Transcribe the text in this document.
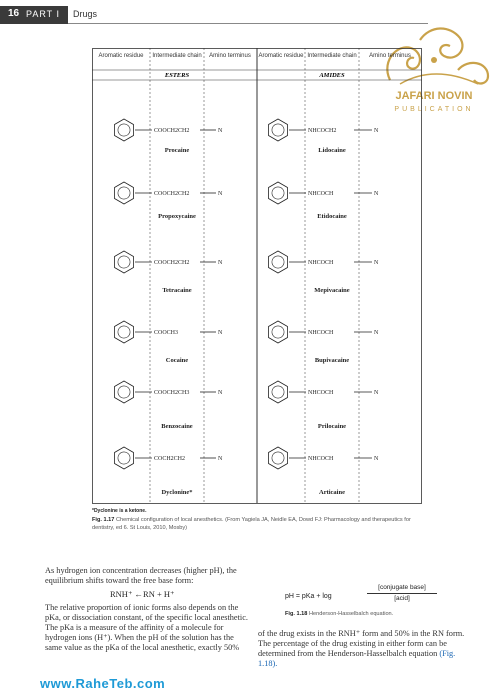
16 PART I Drugs
JAFARI NOVIN
PUBLICATION
Aromatic residue Intermediate chain Amino terminus Aromatic residue Intermediate chain Amino terminus
ESTERS	AMIDES
COOCH2CH2	N
Procaine
COOCH2CH2	N
Propoxycaine
COOCH2CH2	N
Tetracaine
COOCH3	N
Cocaine
COOCH2CH3	N
Benzocaine
COCH2CH2	N
Dyclonine*
NHCOCH2	N
Lidocaine
NHCOCH	N
Etidocaine
NHCOCH	N
Mepivacaine
NHCOCH	N
Bupivacaine
NHCOCH	N
Prilocaine
NHCOCH	N
Articaine
*Dyclonine is a ketone.
Fig. 1.17 Chemical configuration of local anesthetics. (From Yagiela JA, Neidle EA, Dowd FJ: Pharmacology and therapeutics for dentistry, ed 6. St Louis, 2010, Mosby)
As hydrogen ion concentration decreases (higher pH), the equilibrium shifts toward the free base form:
RNH⁺ ←RN + H⁺
The relative proportion of ionic forms also depends on the pKa, or dissociation constant, of the specific local anesthetic. The pKa is a measure of the affinity of a molecule for hydrogen ions (H⁺). When the pH of the solution has the same value as the pKa of the local anesthetic, exactly 50%
pH = pKa + log
[conjugate base]
[acid]
Fig. 1.18 Henderson-Hasselbalch equation.
of the drug exists in the RNH⁺ form and 50% in the RN form. The percentage of the drug existing in either form can be determined from the Henderson-Hasselbalch equation (Fig. 1.18).

www.RaheTeb.com
